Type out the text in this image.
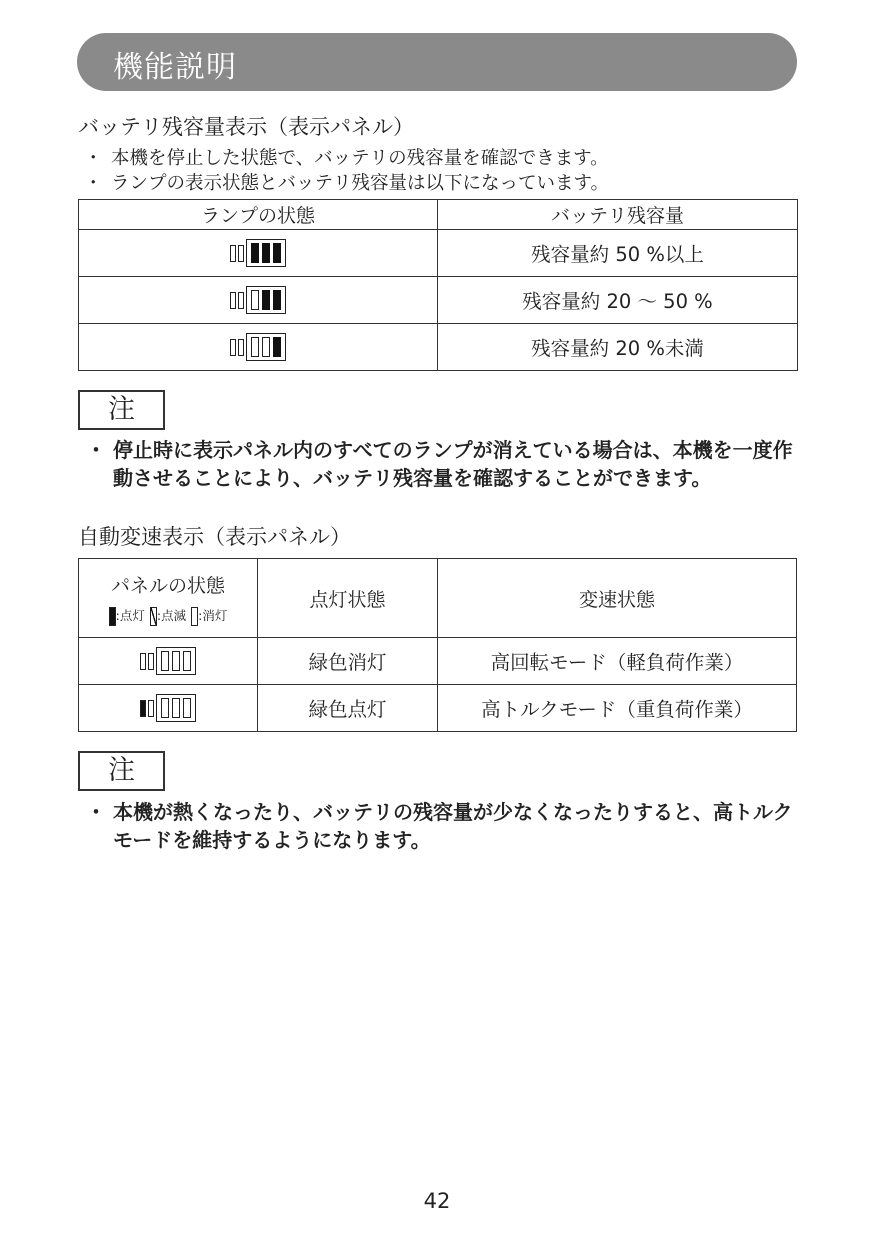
機能説明
バッテリ残容量表示（表示パネル）
・ 本機を停止した状態で、バッテリの残容量を確認できます。
・ ランプの表示状態とバッテリ残容量は以下になっています。
ランプの状態	バッテリ残容量

	残容量約 50 %以上

	残容量約 20 ～ 50 %

	残容量約 20 %未満
注
・ 停止時に表示パネル内のすべてのランプが消えている場合は、本機を一度作動させることにより、バッテリ残容量を確認することができます。
自動変速表示（表示パネル）
パネルの状態
:点灯 :点滅 :消灯	点灯状態	変速状態

	緑色消灯	高回転モード（軽負荷作業）

	緑色点灯	高トルクモード（重負荷作業）
注
・ 本機が熱くなったり、バッテリの残容量が少なくなったりすると、高トルクモードを維持するようになります。
42
